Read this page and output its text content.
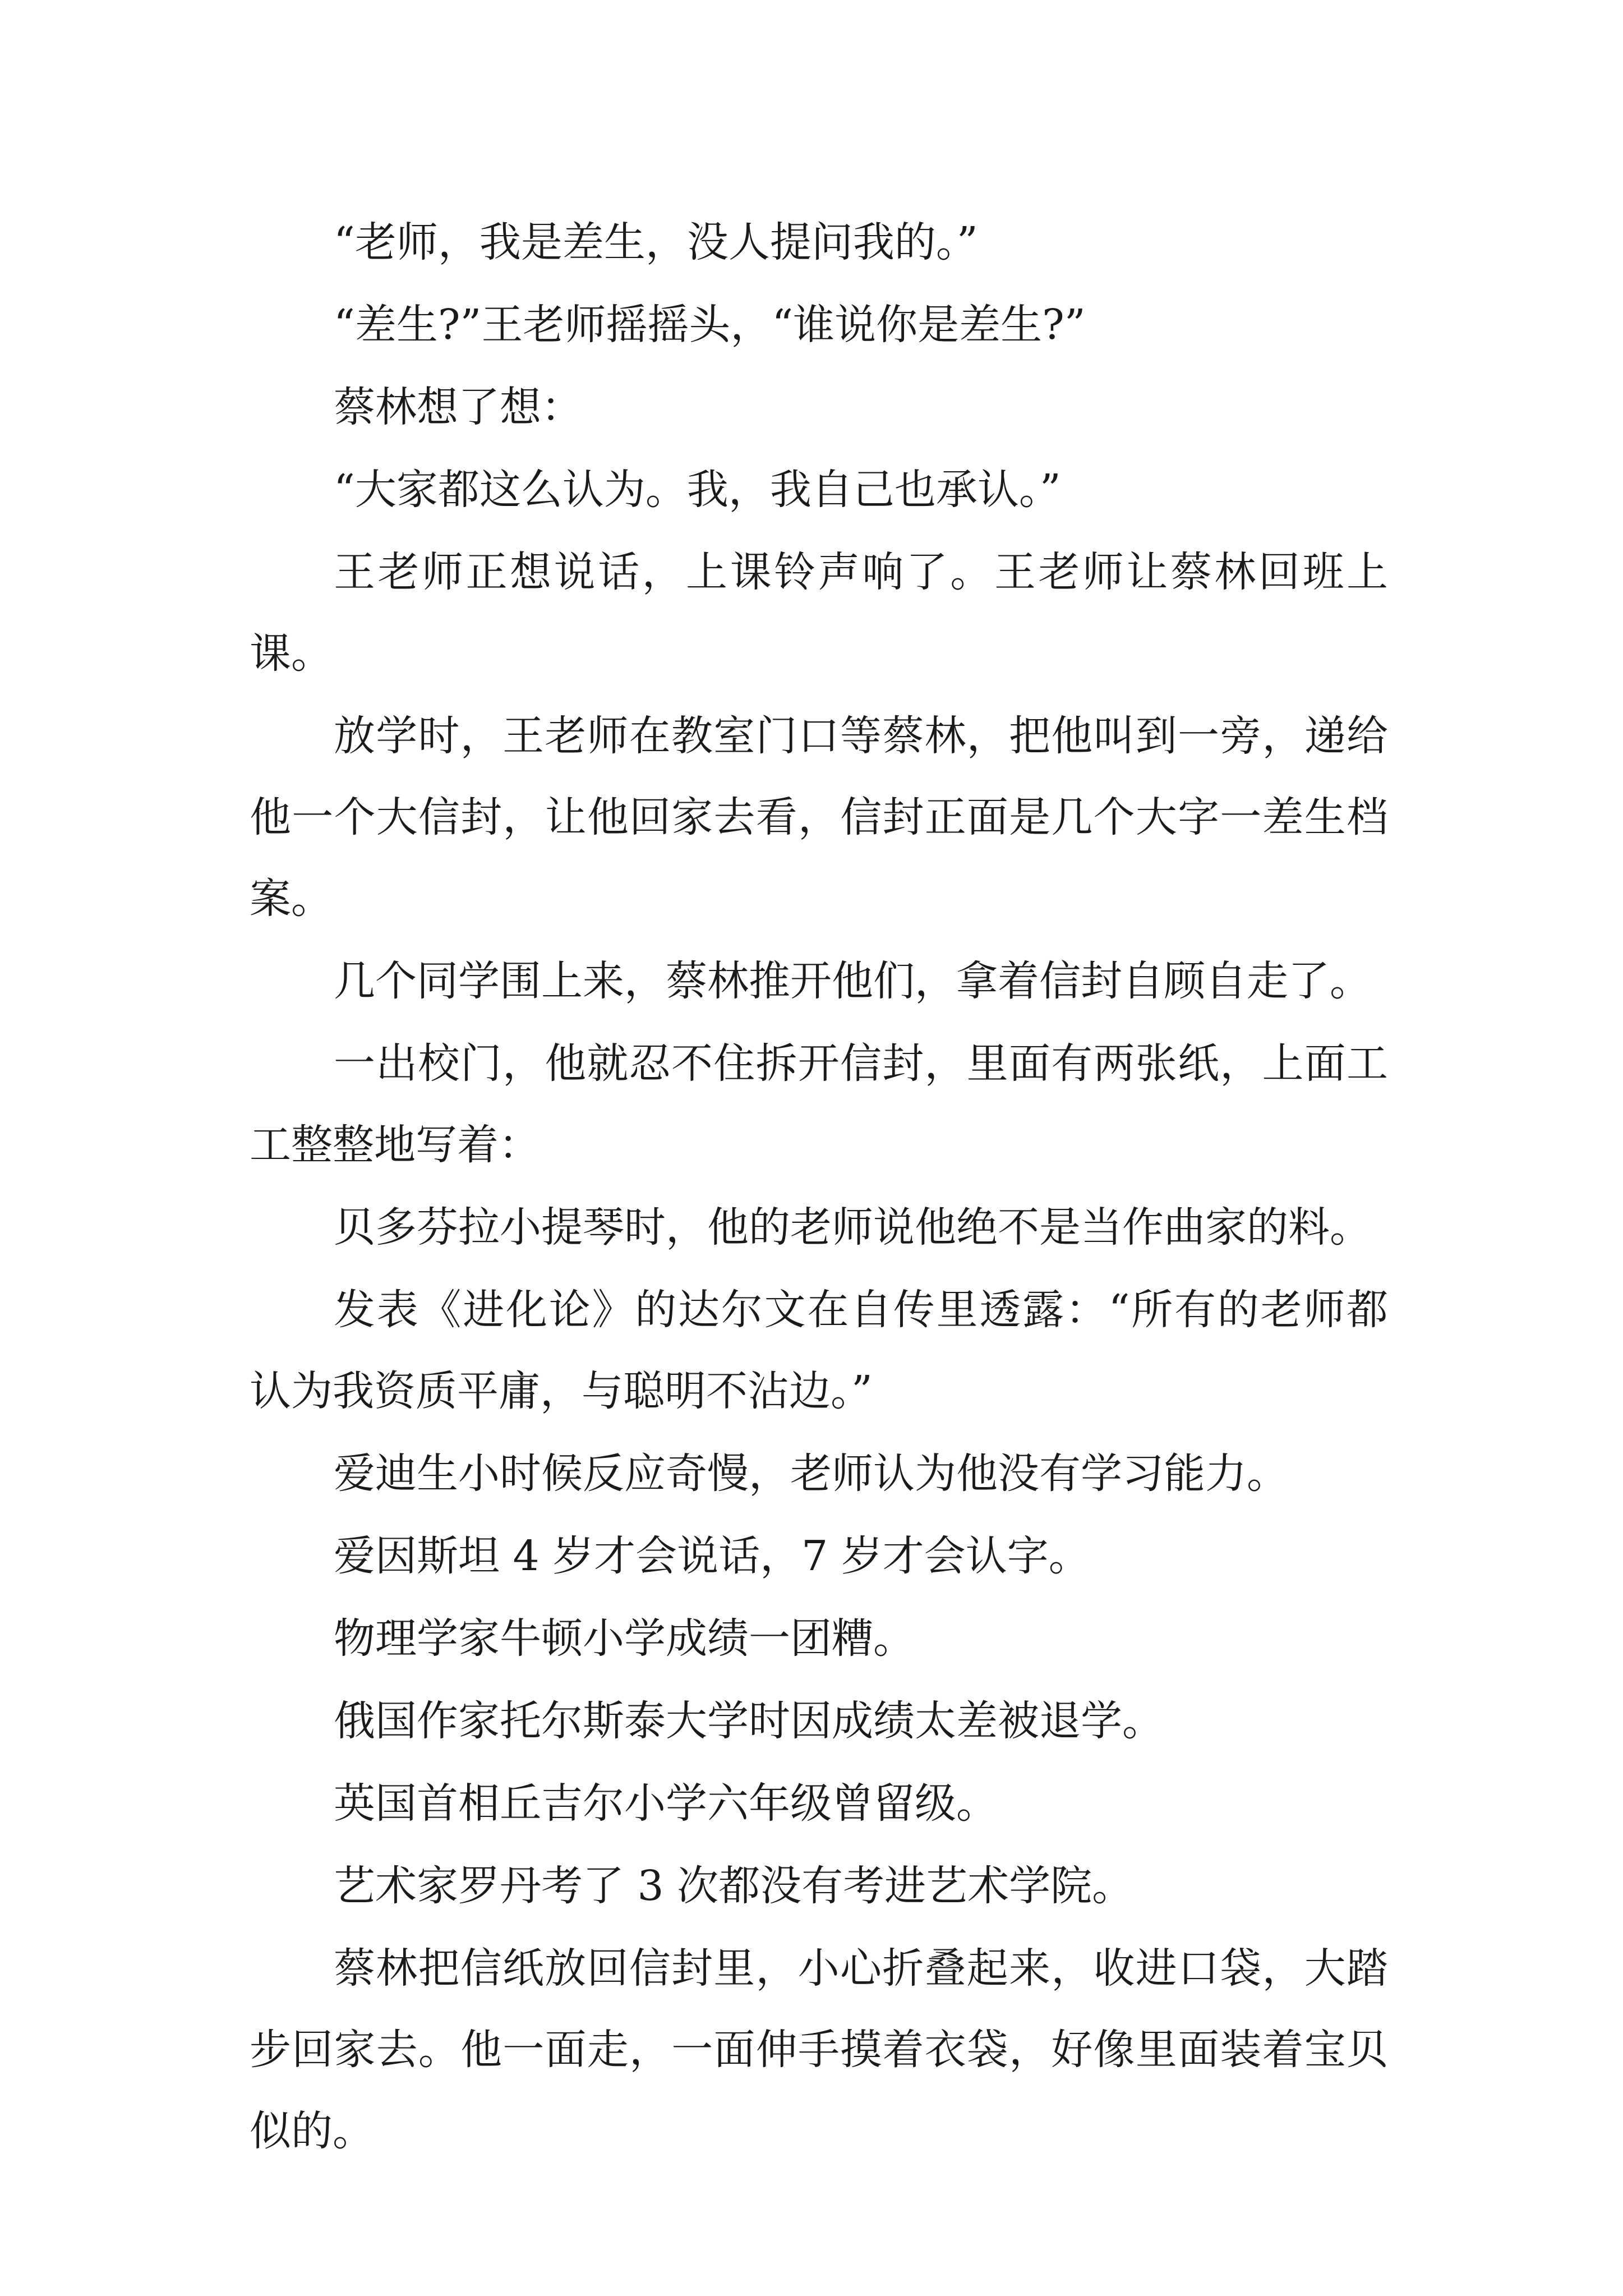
“老师，我是差生，没人提问我的。”

“差生?”王老师摇摇头，“谁说你是差生?”

蔡林想了想：

“大家都这么认为。我，我自己也承认。”

王老师正想说话，上课铃声响了。王老师让蔡林回班上课。

放学时，王老师在教室门口等蔡林，把他叫到一旁，递给他一个大信封，让他回家去看，信封正面是几个大字一差生档案。

几个同学围上来，蔡林推开他们，拿着信封自顾自走了。

一出校门，他就忍不住拆开信封，里面有两张纸，上面工工整整地写着：

贝多芬拉小提琴时，他的老师说他绝不是当作曲家的料。

发表《进化论》的达尔文在自传里透露：“所有的老师都认为我资质平庸，与聪明不沾边。”

爱迪生小时候反应奇慢，老师认为他没有学习能力。

爱因斯坦 4 岁才会说话，7 岁才会认字。

物理学家牛顿小学成绩一团糟。

俄国作家托尔斯泰大学时因成绩太差被退学。

英国首相丘吉尔小学六年级曾留级。

艺术家罗丹考了 3 次都没有考进艺术学院。

蔡林把信纸放回信封里，小心折叠起来，收进口袋，大踏步回家去。他一面走，一面伸手摸着衣袋，好像里面装着宝贝似的。
